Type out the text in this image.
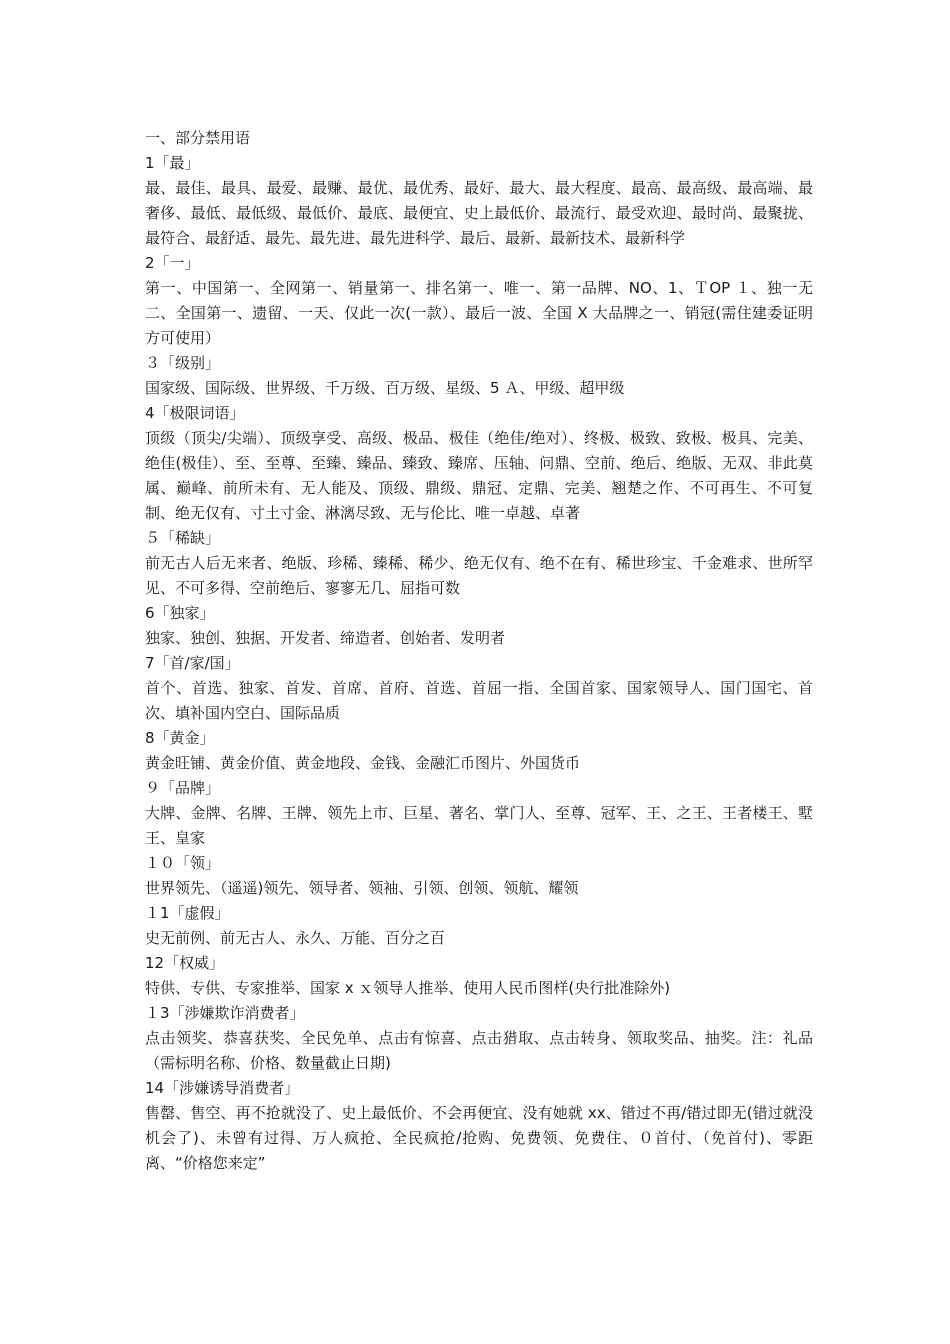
一、部分禁用语
1「最」

最、最佳、最具、最爱、最赚、最优、最优秀、最好、最大、最大程度、最高、最高级、最高端、最奢侈、最低、最低级、最低价、最底、最便宜、史上最低价、最流行、最受欢迎、最时尚、最聚拢、最符合、最舒适、最先、最先进、最先进科学、最后、最新、最新技术、最新科学

2「一」

第一、中国第一、全网第一、销量第一、排名第一、唯一、第一品牌、NO、1、ＴOP １、独一无二、全国第一、遗留、一天、仅此一次(一款）、最后一波、全国 X 大品牌之一、销冠(需住建委证明方可使用）

３「级别」

国家级、国际级、世界级、千万级、百万级、星级、5 Ａ、甲级、超甲级

4「极限词语」

顶级（顶尖/尖端）、顶级享受、高级、极品、极佳（绝佳/绝对）、终极、极致、致极、极具、完美、绝佳(极佳）、至、至尊、至臻、臻品、臻致、臻席、压轴、问鼎、空前、绝后、绝版、无双、非此莫属、巅峰、前所未有、无人能及、顶级、鼎级、鼎冠、定鼎、完美、翘楚之作、不可再生、不可复制、绝无仅有、寸土寸金、淋漓尽致、无与伦比、唯一卓越、卓著

５「稀缺」

前无古人后无来者、绝版、珍稀、臻稀、稀少、绝无仅有、绝不在有、稀世珍宝、千金难求、世所罕见、不可多得、空前绝后、寥寥无几、屈指可数

6「独家」

独家、独创、独据、开发者、缔造者、创始者、发明者

7「首/家/国」

首个、首选、独家、首发、首席、首府、首选、首屈一指、全国首家、国家领导人、国门国宅、首次、填补国内空白、国际品质

8「黄金」

黄金旺铺、黄金价值、黄金地段、金钱、金融汇币图片、外国货币

９「品牌」

大牌、金牌、名牌、王牌、领先上市、巨星、著名、掌门人、至尊、冠军、王、之王、王者楼王、墅王、皇家

１０「领」

世界领先、（遥遥)领先、领导者、领袖、引领、创领、领航、耀领

１1「虚假」

史无前例、前无古人、永久、万能、百分之百

12「权威」

特供、专供、专家推举、国家 x ｘ领导人推举、使用人民币图样(央行批准除外)

１3「涉嫌欺诈消费者」

点击领奖、恭喜获奖、全民免单、点击有惊喜、点击猎取、点击转身、领取奖品、抽奖。注：礼品（需标明名称、价格、数量截止日期)

14「涉嫌诱导消费者」

售罄、售空、再不抢就没了、史上最低价、不会再便宜、没有她就 xx、错过不再/错过即无(错过就没机会了)、未曾有过得、万人疯抢、全民疯抢/抢购、免费领、免费住、０首付、（免首付)、零距离、“价格您来定”
